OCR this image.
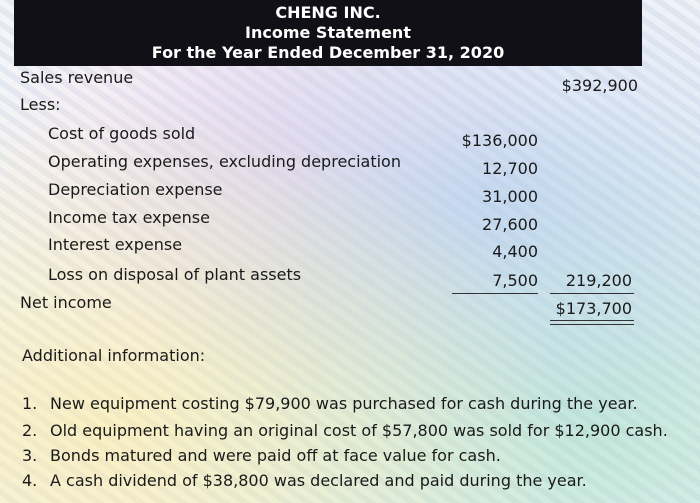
CHENG INC.
Income Statement
For the Year Ended December 31, 2020
Sales revenue	$392,900
Less:
Cost of goods sold	$136,000
Operating expenses, excluding depreciation	12,700
Depreciation expense	31,000
Income tax expense	27,600
Interest expense	4,400
Loss on disposal of plant assets	7,500	219,200
Net income	$173,700
Additional information:
1. New equipment costing $79,900 was purchased for cash during the year.
2. Old equipment having an original cost of $57,800 was sold for $12,900 cash.
3. Bonds matured and were paid off at face value for cash.
4. A cash dividend of $38,800 was declared and paid during the year.
